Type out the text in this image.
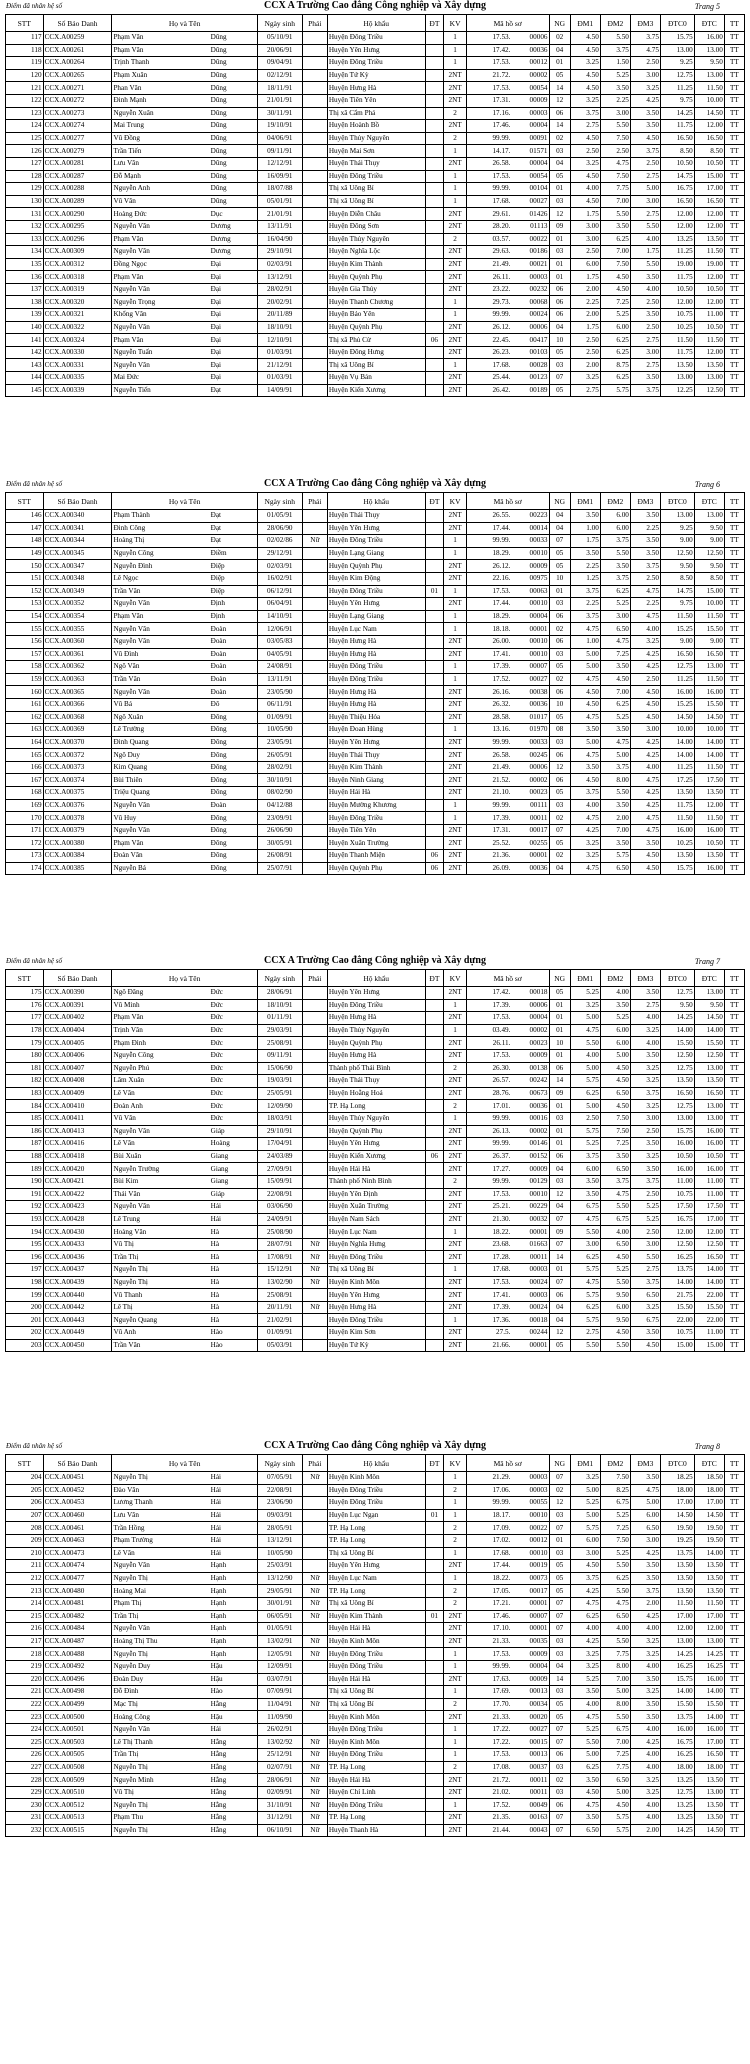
Điểm đã nhân hệ số	CCX A Trường Cao đẳng Công nghiệp và Xây dựng	Trang 5
STT	Số Báo Danh	Họ và Tên		Ngày sinh	Phái	Hộ khẩu	ĐT	KV	Mã hồ sơ		NG	ĐM1	ĐM2	ĐM3	ĐTC0	ĐTC	TT
117	CCX.A00259	Phạm Văn	Dũng	05/10/91		Huyện Đông Triều		1	17.53.	00006	02	4.50	5.50	3.75	15.75	16.00	TT
118	CCX.A00261	Phạm Văn	Dũng	20/06/91		Huyện Yên Hưng		1	17.42.	00036	04	4.50	3.75	4.75	13.00	13.00	TT
119	CCX.A00264	Trịnh Thanh	Dũng	09/04/91		Huyện Đông Triều		1	17.53.	00012	01	3.25	1.50	2.50	9.25	9.50	TT
120	CCX.A00265	Phạm Xuân	Dũng	02/12/91		Huyện Tứ Kỳ		2NT	21.72.	00002	05	4.50	5.25	3.00	12.75	13.00	TT
121	CCX.A00271	Phan Văn	Dũng	18/11/91		Huyện Hưng Hà		2NT	17.53.	00054	14	4.50	3.50	3.25	11.25	11.50	TT
122	CCX.A00272	Đinh Mạnh	Dũng	21/01/91		Huyện Tiên Yên		2NT	17.31.	00009	12	3.25	2.25	4.25	9.75	10.00	TT
123	CCX.A00273	Nguyễn Xuân	Dũng	30/11/91		Thị xã Cẩm Phả		2	17.16.	00003	06	3.75	3.00	3.50	14.25	14.50	TT
124	CCX.A00274	Mai Trung	Dũng	19/10/91		Huyện Hoành Bồ		2NT	17.46.	00004	14	2.75	5.50	3.50	11.75	12.00	TT
125	CCX.A00277	Vũ Đồng	Dũng	04/06/91		Huyện Thủy Nguyên		2	99.99.	00091	02	4.50	7.50	4.50	16.50	16.50	TT
126	CCX.A00279	Trần Tiến	Dũng	09/11/91		Huyện Mai Sơn		1	14.17.	01571	03	2.50	2.50	3.75	8.50	8.50	TT
127	CCX.A00281	Lưu Văn	Dũng	12/12/91		Huyện Thái Thụy		2NT	26.58.	00004	04	3.25	4.75	2.50	10.50	10.50	TT
128	CCX.A00287	Đỗ Mạnh	Dũng	16/09/91		Huyện Đông Triều		1	17.53.	00054	05	4.50	7.50	2.75	14.75	15.00	TT
129	CCX.A00288	Nguyễn Anh	Dũng	18/07/88		Thị xã Uông Bí		1	99.99.	00104	01	4.00	7.75	5.00	16.75	17.00	TT
130	CCX.A00289	Vũ Văn	Dũng	05/01/91		Thị xã Uông Bí		1	17.68.	00027	03	4.50	7.00	3.00	16.50	16.50	TT
131	CCX.A00290	Hoàng Đức	Dục	21/01/91		Huyện Diễn Châu		2NT	29.61.	01426	12	1.75	5.50	2.75	12.00	12.00	TT
132	CCX.A00295	Nguyễn Văn	Dương	13/11/91		Huyện Đông Sơn		2NT	28.20.	01113	09	3.00	3.50	5.50	12.00	12.00	TT
133	CCX.A00296	Phạm Văn	Dương	16/04/90		Huyện Thủy Nguyên		2	03.57.	00022	01	3.00	6.25	4.00	13.25	13.50	TT
134	CCX.A00309	Nguyễn Văn	Dương	29/10/91		Huyện Nghĩa Lộc		2NT	29.63.	00186	03	2.50	7.00	1.75	11.25	11.50	TT
135	CCX.A00312	Đồng Ngọc	Đại	02/03/91		Huyện Kim Thành		2NT	21.49.	00021	01	6.00	7.50	5.50	19.00	19.00	TT
136	CCX.A00318	Phạm Văn	Đại	13/12/91		Huyện Quỳnh Phụ		2NT	26.11.	00003	01	1.75	4.50	3.50	11.75	12.00	TT
137	CCX.A00319	Nguyễn Văn	Đại	28/02/91		Huyện Gia Thủy		2NT	23.22.	00232	06	2.00	4.50	4.00	10.50	10.50	TT
138	CCX.A00320	Nguyễn Trọng	Đại	20/02/91		Huyện Thanh Chương		1	29.73.	00068	06	2.25	7.25	2.50	12.00	12.00	TT
139	CCX.A00321	Khổng Văn	Đại	20/11/89		Huyện Bảo Yên		1	99.99.	00024	06	2.00	5.25	3.50	10.75	11.00	TT
140	CCX.A00322	Nguyễn Văn	Đại	18/10/91		Huyện Quỳnh Phụ		2NT	26.12.	00006	04	1.75	6.00	2.50	10.25	10.50	TT
141	CCX.A00324	Phạm Văn	Đại	12/10/91		Thị xã Phủ Cừ	06	2NT	22.45.	00417	10	2.50	6.25	2.75	11.50	11.50	TT
142	CCX.A00330	Nguyễn Tuấn	Đại	01/03/91		Huyện Đông Hưng		2NT	26.23.	00103	05	2.50	6.25	3.00	11.75	12.00	TT
143	CCX.A00331	Nguyễn Văn	Đại	21/12/91		Thị xã Uông Bí		1	17.68.	00028	03	2.00	8.75	2.75	13.50	13.50	TT
144	CCX.A00335	Mai Đức	Đại	01/03/91		Huyện Vụ Bản		2NT	25.44.	00123	07	3.25	6.25	3.50	13.00	13.00	TT
145	CCX.A00339	Nguyễn Tiến	Đạt	14/09/91		Huyện Kiến Xương		2NT	26.42.	00189	05	2.75	5.75	3.75	12.25	12.50	TT
Điểm đã nhân hệ số	CCX A Trường Cao đẳng Công nghiệp và Xây dựng	Trang 6
STT	Số Báo Danh	Họ và Tên		Ngày sinh	Phái	Hộ khẩu	ĐT	KV	Mã hồ sơ		NG	ĐM1	ĐM2	ĐM3	ĐTC0	ĐTC	TT
146	CCX.A00340	Phạm Thành	Đạt	01/05/91		Huyện Thái Thụy		2NT	26.55.	00223	04	3.50	6.00	3.50	13.00	13.00	TT
147	CCX.A00341	Đinh Công	Đạt	28/06/90		Huyện Yên Hưng		2NT	17.44.	00014	04	1.00	6.00	2.25	9.25	9.50	TT
148	CCX.A00344	Hoàng Thị	Đạt	02/02/86	Nữ	Huyện Đông Triều		1	99.99.	00033	07	1.75	3.75	3.50	9.00	9.00	TT
149	CCX.A00345	Nguyễn Công	Điềm	29/12/91		Huyện Lạng Giang		1	18.29.	00010	05	3.50	5.50	3.50	12.50	12.50	TT
150	CCX.A00347	Nguyễn Đình	Điệp	02/03/91		Huyện Quỳnh Phụ		2NT	26.12.	00009	05	2.25	3.50	3.75	9.50	9.50	TT
151	CCX.A00348	Lê Ngọc	Điệp	16/02/91		Huyện Kim Động		2NT	22.16.	00975	10	1.25	3.75	2.50	8.50	8.50	TT
152	CCX.A00349	Trần Văn	Điệp	06/12/91		Huyện Đông Triều	01	1	17.53.	00063	01	3.75	6.25	4.75	14.75	15.00	TT
153	CCX.A00352	Nguyễn Văn	Định	06/04/91		Huyện Yên Hưng		2NT	17.44.	00010	03	2.25	5.25	2.25	9.75	10.00	TT
154	CCX.A00354	Phạm Văn	Định	14/10/91		Huyện Lạng Giang		1	18.29.	00004	06	3.75	3.00	4.75	11.50	11.50	TT
155	CCX.A00355	Nguyễn Văn	Đoàn	12/06/91		Huyện Lục Nam		1	18.18.	00001	02	4.75	6.50	4.00	15.25	15.50	TT
156	CCX.A00360	Nguyễn Văn	Đoàn	03/05/83		Huyện Hưng Hà		2NT	26.00.	00010	06	1.00	4.75	3.25	9.00	9.00	TT
157	CCX.A00361	Vũ Đình	Đoàn	04/05/91		Huyện Hưng Hà		2NT	17.41.	00010	03	5.00	7.25	4.25	16.50	16.50	TT
158	CCX.A00362	Ngô Văn	Đoàn	24/08/91		Huyện Đông Triều		1	17.39.	00007	05	5.00	3.50	4.25	12.75	13.00	TT
159	CCX.A00363	Trần Văn	Đoàn	13/11/91		Huyện Đông Triều		1	17.52.	00027	02	4.75	4.50	2.50	11.25	11.50	TT
160	CCX.A00365	Nguyễn Văn	Đoàn	23/05/90		Huyện Hưng Hà		2NT	26.16.	00038	06	4.50	7.00	4.50	16.00	16.00	TT
161	CCX.A00366	Vũ Bá	Đô	06/11/91		Huyện Hưng Hà		2NT	26.32.	00036	10	4.50	6.25	4.50	15.25	15.50	TT
162	CCX.A00368	Ngô Xuân	Đông	01/09/91		Huyện Thiệu Hóa		2NT	28.58.	01017	05	4.75	5.25	4.50	14.50	14.50	TT
163	CCX.A00369	Lê Trường	Đông	10/05/90		Huyện Đoan Hùng		1	13.16.	01970	08	3.50	3.50	3.00	10.00	10.00	TT
164	CCX.A00370	Đinh Quang	Đông	23/05/91		Huyện Yên Hưng		2NT	99.99.	00033	03	5.00	4.75	4.25	14.00	14.00	TT
165	CCX.A00372	Ngô Duy	Đông	26/05/91		Huyện Thái Thụy		2NT	26.58.	00245	06	4.75	5.00	4.25	14.00	14.00	TT
166	CCX.A00373	Kim Quang	Đông	28/02/91		Huyện Kim Thành		2NT	21.49.	00006	12	3.50	3.75	4.00	11.25	11.50	TT
167	CCX.A00374	Bùi Thiên	Đông	30/10/91		Huyện Ninh Giang		2NT	21.52.	00002	06	4.50	8.00	4.75	17.25	17.50	TT
168	CCX.A00375	Triệu Quang	Đông	08/02/90		Huyện Hải Hà		2NT	21.10.	00023	05	3.75	5.50	4.25	13.50	13.50	TT
169	CCX.A00376	Nguyễn Văn	Đoàn	04/12/88		Huyện Mường Khương		1	99.99.	00111	03	4.00	3.50	4.25	11.75	12.00	TT
170	CCX.A00378	Vũ Huy	Đông	23/09/91		Huyện Đông Triều		1	17.39.	00011	02	4.75	2.00	4.75	11.50	11.50	TT
171	CCX.A00379	Nguyễn Văn	Đông	26/06/90		Huyện Tiên Yên		2NT	17.31.	00017	07	4.25	7.00	4.75	16.00	16.00	TT
172	CCX.A00380	Phạm Văn	Đông	30/05/91		Huyện Xuân Trường		2NT	25.52.	00255	05	3.25	3.50	3.50	10.25	10.50	TT
173	CCX.A00384	Đoàn Văn	Đông	26/08/91		Huyện Thanh Miện	06	2NT	21.36.	00001	02	3.25	5.75	4.50	13.50	13.50	TT
174	CCX.A00385	Nguyễn Bá	Đông	25/07/91		Huyện Quỳnh Phụ	06	2NT	26.09.	00036	04	4.75	6.50	4.50	15.75	16.00	TT
Điểm đã nhân hệ số	CCX A Trường Cao đẳng Công nghiệp và Xây dựng	Trang 7
STT	Số Báo Danh	Họ và Tên		Ngày sinh	Phái	Hộ khẩu	ĐT	KV	Mã hồ sơ		NG	ĐM1	ĐM2	ĐM3	ĐTC0	ĐTC	TT
175	CCX.A00390	Ngô Đăng	Đức	28/06/91		Huyện Yên Hưng		2NT	17.42.	00018	05	5.25	4.00	3.50	12.75	13.00	TT
176	CCX.A00391	Vũ Minh	Đức	18/10/91		Huyện Đông Triều		1	17.39.	00006	01	3.25	3.50	2.75	9.50	9.50	TT
177	CCX.A00402	Phạm Văn	Đức	01/11/91		Huyện Hưng Hà		2NT	17.53.	00004	01	5.00	5.25	4.00	14.25	14.50	TT
178	CCX.A00404	Trịnh Văn	Đức	29/03/91		Huyện Thủy Nguyên		1	03.49.	00002	01	4.75	6.00	3.25	14.00	14.00	TT
179	CCX.A00405	Phạm Đình	Đức	25/08/91		Huyện Quỳnh Phụ		2NT	26.11.	00023	10	5.50	6.00	4.00	15.50	15.50	TT
180	CCX.A00406	Nguyễn Công	Đức	09/11/91		Huyện Hưng Hà		2NT	17.53.	00009	01	4.00	5.00	3.50	12.50	12.50	TT
181	CCX.A00407	Nguyễn Phú	Đức	15/06/90		Thành phố Thái Bình		2	26.30.	00138	06	5.00	4.50	3.25	12.75	13.00	TT
182	CCX.A00408	Lâm Xuân	Đức	19/03/91		Huyện Thái Thụy		2NT	26.57.	00242	14	5.75	4.50	3.25	13.50	13.50	TT
183	CCX.A00409	Lê Văn	Đức	25/05/91		Huyện Hoằng Hoá		2NT	28.76.	00673	09	6.25	6.50	3.75	16.50	16.50	TT
184	CCX.A00410	Đoàn Anh	Đức	12/09/90		TP. Hạ Long		2	17.01.	00036	01	5.00	4.50	3.25	12.75	13.00	TT
185	CCX.A00411	Vũ Văn	Đức	18/03/91		Huyện Thủy Nguyên		1	99.99.	00016	03	2.50	7.50	3.00	13.00	13.00	TT
186	CCX.A00413	Nguyễn Văn	Giáp	29/10/91		Huyện Quỳnh Phụ		2NT	26.13.	00002	01	5.75	7.50	2.50	15.75	16.00	TT
187	CCX.A00416	Lê Văn	Hoàng	17/04/91		Huyện Yên Hưng		2NT	99.99.	00146	01	5.25	7.25	3.50	16.00	16.00	TT
188	CCX.A00418	Bùi Xuân	Giang	24/03/89		Huyện Kiến Xương	06	2NT	26.37.	00152	06	3.75	3.50	3.25	10.50	10.50	TT
189	CCX.A00420	Nguyễn Trường	Giang	27/09/91		Huyện Hải Hà		2NT	17.27.	00009	04	6.00	6.50	3.50	16.00	16.00	TT
190	CCX.A00421	Bùi Kim	Giang	15/09/91		Thành phố Ninh Bình		2	99.99.	00129	03	3.50	3.75	3.75	11.00	11.00	TT
191	CCX.A00422	Thái Văn	Giáp	22/08/91		Huyện Yên Định		2NT	17.53.	00010	12	3.50	4.75	2.50	10.75	11.00	TT
192	CCX.A00423	Nguyễn Văn	Hải	03/06/90		Huyện Xuân Trường		2NT	25.21.	00229	04	6.75	5.50	5.25	17.50	17.50	TT
193	CCX.A00428	Lê Trung	Hải	24/09/91		Huyện Nam Sách		2NT	21.30.	00032	07	4.75	6.75	5.25	16.75	17.00	TT
194	CCX.A00430	Hoàng Văn	Hà	25/08/90		Huyện Lục Nam		1	18.22.	00001	09	5.50	4.00	2.50	12.00	12.00	TT
195	CCX.A00433	Vũ Thị	Hà	28/07/91	Nữ	Huyện Nghĩa Hưng		2NT	23.68.	01663	07	3.00	6.50	3.00	12.50	12.50	TT
196	CCX.A00436	Trần Thị	Hà	17/08/91	Nữ	Huyện Đông Triều		2NT	17.28.	00011	14	6.25	4.50	5.50	16.25	16.50	TT
197	CCX.A00437	Nguyễn Thị	Hà	15/12/91	Nữ	Thị xã Uông Bí		1	17.68.	00003	01	5.75	5.25	2.75	13.75	14.00	TT
198	CCX.A00439	Nguyễn Thị	Hà	13/02/90	Nữ	Huyện Kinh Môn		2NT	17.53.	00024	07	4.75	5.50	3.75	14.00	14.00	TT
199	CCX.A00440	Vũ Thanh	Hà	25/08/91		Huyện Yên Hưng		2NT	17.41.	00003	06	5.75	9.50	6.50	21.75	22.00	TT
200	CCX.A00442	Lê Thị	Hà	20/11/91	Nữ	Huyện Hưng Hà		2NT	17.39.	00024	04	6.25	6.00	3.25	15.50	15.50	TT
201	CCX.A00443	Nguyễn Quang	Hà	21/02/91		Huyện Đông Triều		1	17.36.	00018	04	5.75	9.50	6.75	22.00	22.00	TT
202	CCX.A00449	Vũ Anh	Hào	01/09/91		Huyện Kim Sơn		2NT	27.5.	00244	12	2.75	4.50	3.50	10.75	11.00	TT
203	CCX.A00450	Trần Văn	Hào	05/03/91		Huyện Tứ Kỳ		2NT	21.66.	00001	05	5.50	5.50	4.50	15.00	15.00	TT
Điểm đã nhân hệ số	CCX A Trường Cao đẳng Công nghiệp và Xây dựng	Trang 8
STT	Số Báo Danh	Họ và Tên		Ngày sinh	Phái	Hộ khẩu	ĐT	KV	Mã hồ sơ		NG	ĐM1	ĐM2	ĐM3	ĐTC0	ĐTC	TT
204	CCX.A00451	Nguyễn Thị	Hải	07/05/91	Nữ	Huyện Kinh Môn		1	21.29.	00003	07	3.25	7.50	3.50	18.25	18.50	TT
205	CCX.A00452	Đào Văn	Hải	22/08/91		Huyện Đông Triều		2	17.06.	00003	02	5.00	8.25	4.75	18.00	18.00	TT
206	CCX.A00453	Lương Thanh	Hải	23/06/90		Huyện Đông Triều		1	99.99.	00055	12	5.25	6.75	5.00	17.00	17.00	TT
207	CCX.A00460	Lưu Văn	Hải	09/03/91		Huyện Lục Ngạn	01	1	18.17.	00010	03	5.00	5.25	6.00	14.50	14.50	TT
208	CCX.A00461	Trần Hồng	Hải	28/05/91		TP. Hạ Long		2	17.09.	00022	07	5.75	7.25	6.50	19.50	19.50	TT
209	CCX.A00463	Phạm Trường	Hải	13/12/91		TP. Hạ Long		2	17.02.	00012	01	6.00	7.50	3.00	19.25	19.50	TT
210	CCX.A00473	Lê Văn	Hải	10/05/90		Thị xã Uông Bí		1	17.68.	00010	03	3.00	5.25	4.25	13.75	14.00	TT
211	CCX.A00474	Nguyễn Văn	Hạnh	25/03/91		Huyện Yên Hưng		2NT	17.44.	00019	05	4.50	5.50	3.50	13.50	13.50	TT
212	CCX.A00477	Nguyễn Thị	Hạnh	13/12/90	Nữ	Huyện Lục Nam		1	18.22.	00073	05	3.75	6.25	3.50	13.50	13.50	TT
213	CCX.A00480	Hoàng Mai	Hạnh	29/05/91	Nữ	TP. Hạ Long		2	17.05.	00017	05	4.25	5.50	3.75	13.50	13.50	TT
214	CCX.A00481	Phạm Thị	Hạnh	30/01/91	Nữ	Thị xã Uông Bí		2	17.21.	00001	07	4.75	4.75	2.00	11.50	11.50	TT
215	CCX.A00482	Trần Thị	Hạnh	06/05/91	Nữ	Huyện Kim Thành	01	2NT	17.46.	00007	07	6.25	6.50	4.25	17.00	17.00	TT
216	CCX.A00484	Nguyễn Văn	Hạnh	01/05/91		Huyện Hải Hà		2NT	17.10.	00001	07	4.00	4.00	4.00	12.00	12.00	TT
217	CCX.A00487	Hoàng Thị Thu	Hạnh	13/02/91	Nữ	Huyện Kinh Môn		2NT	21.33.	00035	03	4.25	5.50	3.25	13.00	13.00	TT
218	CCX.A00488	Nguyễn Thị	Hạnh	12/05/91	Nữ	Huyện Đông Triều		1	17.53.	00009	03	3.25	7.75	3.25	14.25	14.25	TT
219	CCX.A00492	Nguyễn Duy	Hậu	12/09/91		Huyện Đông Triều		1	99.99.	00004	04	3.25	8.00	4.00	16.25	16.25	TT
220	CCX.A00496	Đoàn Duy	Hậu	03/07/91		Huyện Hải Hà		2NT	17.63.	00009	14	5.25	7.00	3.50	15.75	16.00	TT
221	CCX.A00498	Đỗ Đình	Hào	07/09/91		Thị xã Uông Bí		1	17.69.	00013	03	3.50	5.00	3.25	14.00	14.00	TT
222	CCX.A00499	Mạc Thị	Hằng	11/04/91	Nữ	Thị xã Uông Bí		2	17.70.	00034	05	4.00	8.00	3.50	15.50	15.50	TT
223	CCX.A00500	Hoàng Công	Hậu	11/09/90		Huyện Kinh Môn		2NT	21.33.	00020	05	4.75	5.50	3.50	13.75	14.00	TT
224	CCX.A00501	Nguyễn Văn	Hải	26/02/91		Huyện Đông Triều		1	17.22.	00027	07	5.25	6.75	4.00	16.00	16.00	TT
225	CCX.A00503	Lê Thị Thanh	Hằng	13/02/92	Nữ	Huyện Kinh Môn		1	17.22.	00015	07	5.50	7.00	4.25	16.75	17.00	TT
226	CCX.A00505	Trần Thị	Hằng	25/12/91	Nữ	Huyện Đông Triều		1	17.53.	00013	06	5.00	7.25	4.00	16.25	16.50	TT
227	CCX.A00508	Nguyễn Thị	Hằng	02/07/91	Nữ	TP. Hạ Long		2	17.08.	00037	03	6.25	7.75	4.00	18.00	18.00	TT
228	CCX.A00509	Nguyễn Minh	Hằng	28/06/91	Nữ	Huyện Hải Hà		2NT	21.72.	00011	02	3.50	6.50	3.25	13.25	13.50	TT
229	CCX.A00510	Vũ Thị	Hằng	02/09/91	Nữ	Huyện Chí Linh		2NT	21.02.	00011	03	4.50	5.00	3.25	12.75	13.00	TT
230	CCX.A00512	Nguyễn Thị	Hằng	31/10/91	Nữ	Huyện Đông Triều		1	17.52.	00049	06	4.75	4.50	4.00	13.25	13.50	TT
231	CCX.A00513	Phạm Thu	Hằng	31/12/91	Nữ	TP. Hạ Long		2NT	21.35.	00163	07	3.50	5.75	4.00	13.25	13.50	TT
232	CCX.A00515	Nguyễn Thị	Hằng	06/10/91	Nữ	Huyện Thanh Hà		2NT	21.44.	00043	07	6.50	5.75	2.00	14.25	14.50	TT
